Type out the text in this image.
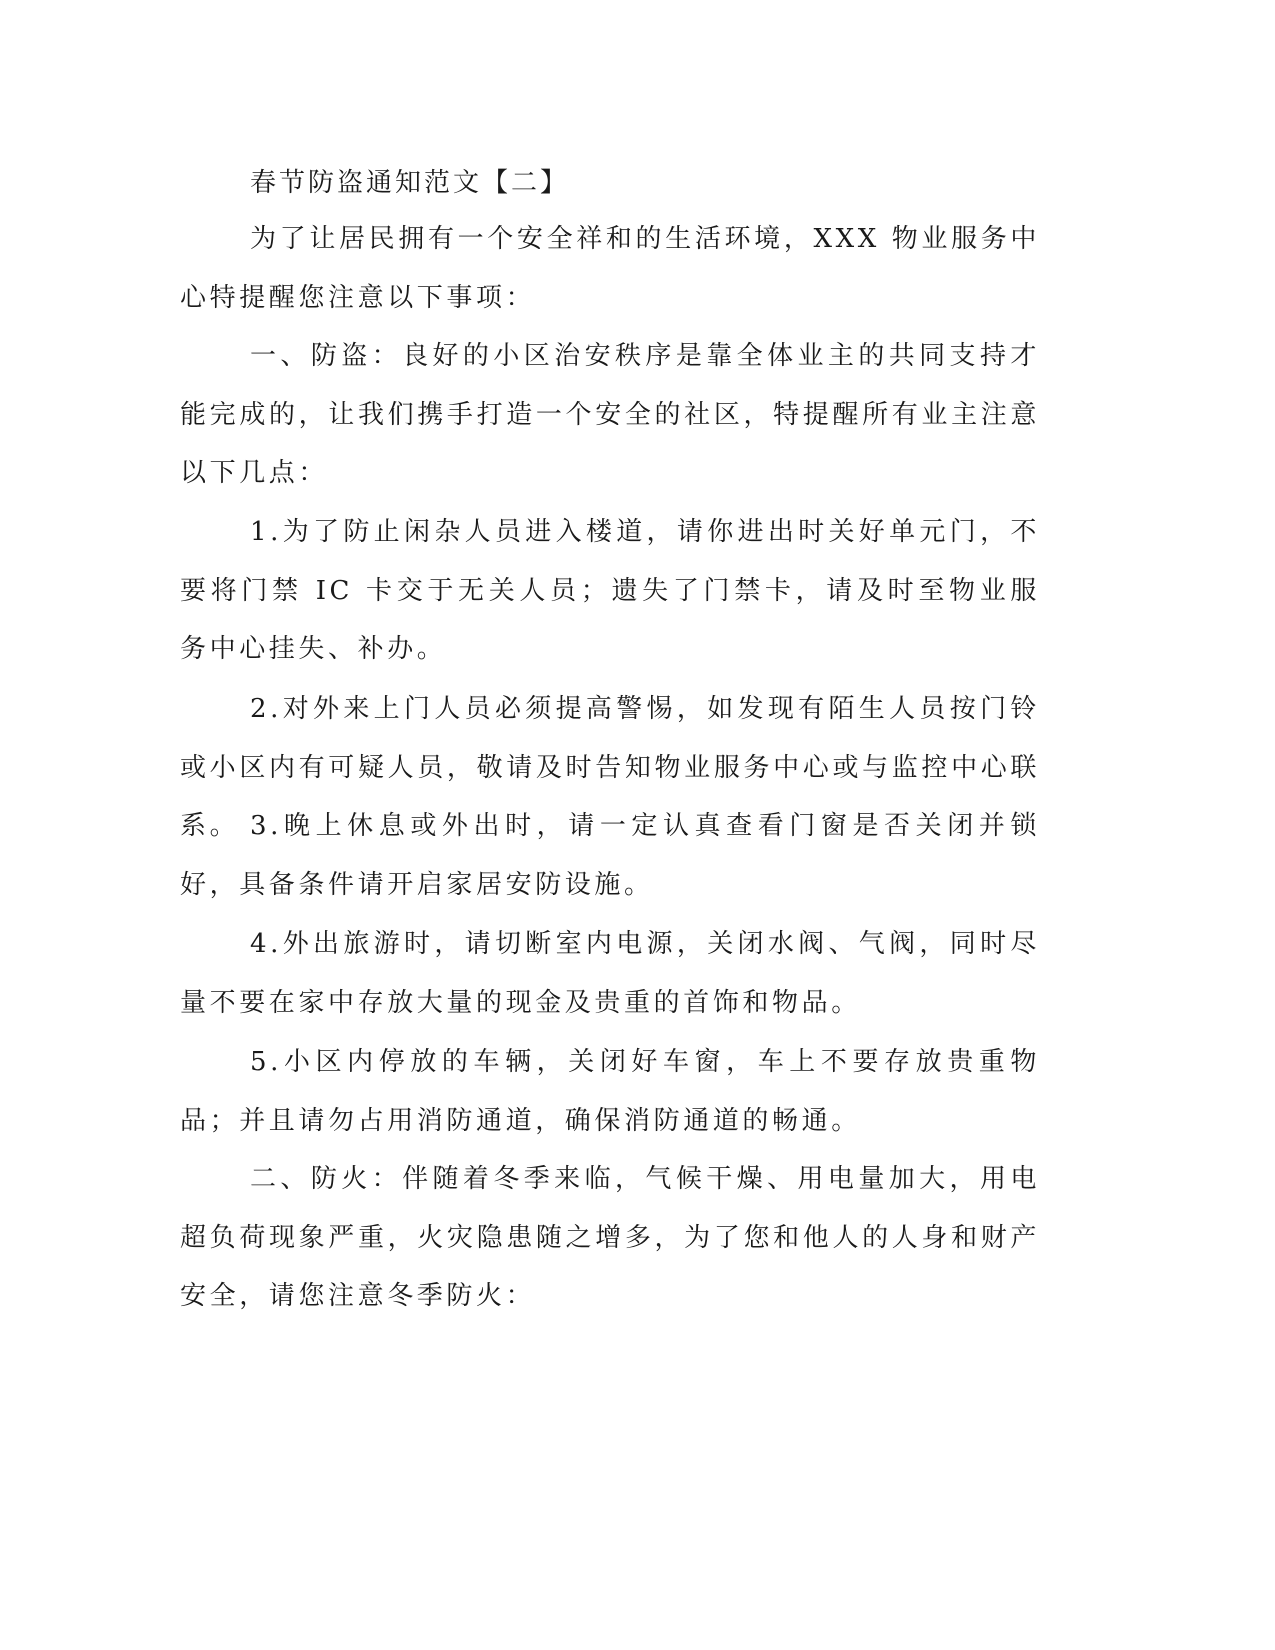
春节防盗通知范文【二】

为了让居民拥有一个安全祥和的生活环境，XXX 物业服务中心特提醒您注意以下事项：

一、防盗：良好的小区治安秩序是靠全体业主的共同支持才能完成的，让我们携手打造一个安全的社区，特提醒所有业主注意以下几点：

1.为了防止闲杂人员进入楼道，请你进出时关好单元门，不要将门禁 IC 卡交于无关人员；遗失了门禁卡，请及时至物业服务中心挂失、补办。

2.对外来上门人员必须提高警惕，如发现有陌生人员按门铃或小区内有可疑人员，敬请及时告知物业服务中心或与监控中心联系。 3.晚上休息或外出时，请一定认真查看门窗是否关闭并锁好，具备条件请开启家居安防设施。

4.外出旅游时，请切断室内电源，关闭水阀、气阀，同时尽量不要在家中存放大量的现金及贵重的首饰和物品。

5.小区内停放的车辆，关闭好车窗，车上不要存放贵重物品；并且请勿占用消防通道，确保消防通道的畅通。

二、防火：伴随着冬季来临，气候干燥、用电量加大，用电超负荷现象严重，火灾隐患随之增多，为了您和他人的人身和财产安全，请您注意冬季防火：
